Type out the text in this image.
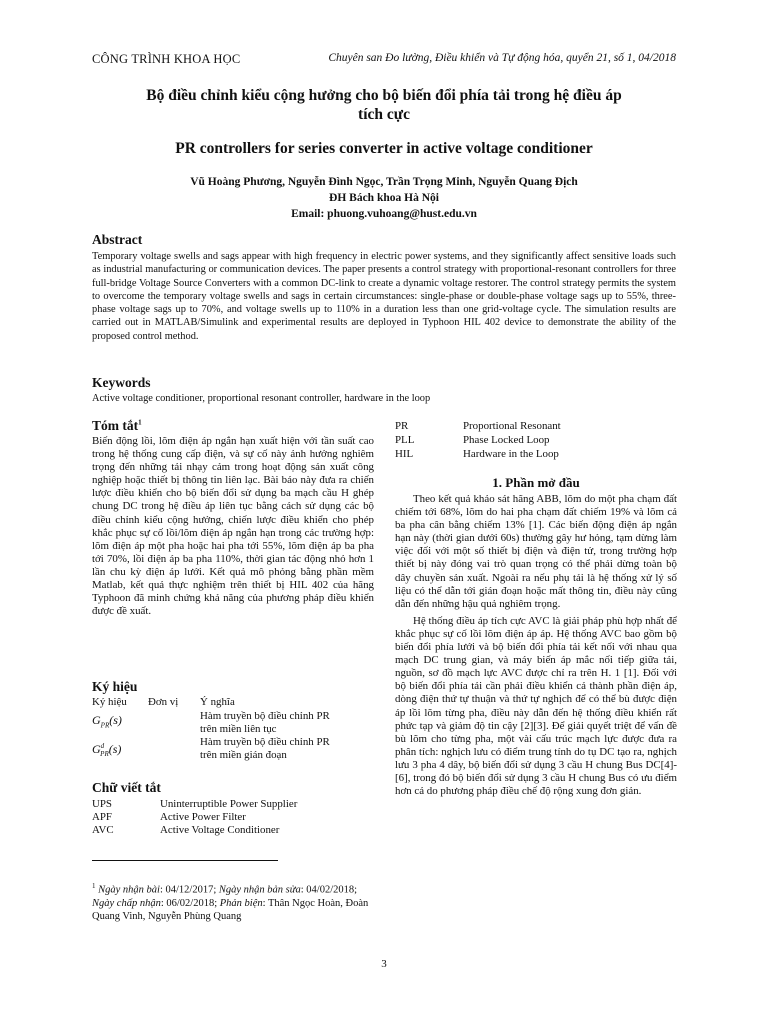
CÔNG TRÌNH KHOA HỌC	Chuyên san Đo lường, Điều khiển và Tự động hóa, quyển 21, số 1, 04/2018
Bộ điều chỉnh kiểu cộng hưởng cho bộ biến đổi phía tải trong hệ điều áp
tích cực
PR controllers for series converter in active voltage conditioner
Vũ Hoàng Phương, Nguyễn Đình Ngọc, Trần Trọng Minh, Nguyễn Quang Địch
ĐH Bách khoa Hà Nội
Email: phuong.vuhoang@hust.edu.vn
Abstract
Temporary voltage swells and sags appear with high frequency in electric power systems, and they significantly affect sensitive loads such as industrial manufacturing or communication devices. The paper presents a control strategy with proportional-resonant controllers for three full-bridge Voltage Source Converters with a common DC-link to create a dynamic voltage restorer. The control strategy permits the system to overcome the temporary voltage swells and sags in certain circumstances: single-phase or double-phase voltage sags up to 55%, three-phase voltage sags up to 70%, and voltage swells up to 110% in a duration less than one grid-voltage cycle. The simulation results are carried out in MATLAB/Simulink and experimental results are deployed in Typhoon HIL 402 device to demonstrate the ability of the proposed control method.
Keywords
Active voltage conditioner, proportional resonant controller, hardware in the loop
Tóm tắt$^1$
Biến động lồi, lõm điện áp ngắn hạn xuất hiện với tần suất cao trong hệ thống cung cấp điện, và sự cố này ảnh hưởng nghiêm trọng đến những tải nhạy cảm trong hoạt động sản xuất công nghiệp hoặc thiết bị thông tin liên lạc. Bài báo này đưa ra chiến lược điều khiển cho bộ biến đổi sử dụng ba mạch cầu H ghép chung DC trong hệ điều áp liên tục bằng cách sử dụng các bộ điều chỉnh kiểu cộng hưởng, chiến lược điều khiển cho phép khắc phục sự cố lồi/lõm điện áp ngắn hạn trong các trường hợp: lõm điện áp một pha hoặc hai pha tới 55%, lõm điện áp ba pha tới 70%, lồi điện áp ba pha 110%, thời gian tác động nhỏ hơn 1 lần chu kỳ điện áp lưới. Kết quả mô phỏng bằng phần mềm Matlab, kết quả thực nghiệm trên thiết bị HIL 402 của hãng Typhoon đã minh chứng khả năng của phương pháp điều khiển được đề xuất.
Ký hiệu
Ký hiệu Đơn vị Ý nghĩa
$G_{PR}(s)$	Hàm truyền bộ điều chỉnh PR
trên miền liên tục
$G^d_{PR}(s)$	Hàm truyền bộ điều chỉnh PR
trên miền gián đoạn
Chữ viết tắt
UPS	Uninterruptible Power Supplier
APF	Active Power Filter
AVC	Active Voltage Conditioner
$^1$ Ngày nhận bài: 04/12/2017; Ngày nhận bản sửa: 04/02/2018; Ngày chấp nhận: 06/02/2018; Phản biện: Thân Ngọc Hoàn, Đoàn Quang Vinh, Nguyễn Phùng Quang
PR	Proportional Resonant
PLL	Phase Locked Loop
HIL	Hardware in the Loop
1. Phần mở đầu

Theo kết quả khảo sát hãng ABB, lõm do một pha chạm đất chiếm tới 68%, lõm do hai pha chạm đất chiếm 19% và lõm cả ba pha cân bằng chiếm 13% [1]. Các biến động điện áp ngắn hạn này (thời gian dưới 60s) thường gây hư hỏng, tạm dừng làm việc đối với một số thiết bị điện và điện tử, trong trường hợp thiết bị này đóng vai trò quan trọng có thể phải dừng toàn bộ dây chuyền sản xuất. Ngoài ra nếu phụ tải là hệ thống xử lý số liệu có thể dẫn tới gián đoạn hoặc mất thông tin, điều này cũng dẫn đến những hậu quả nghiêm trọng.

Hệ thống điều áp tích cực AVC là giải pháp phù hợp nhất để khắc phục sự cố lồi lõm điện áp áp. Hệ thống AVC bao gồm bộ biến đổi phía lưới và bộ biến đổi phía tải kết nối với nhau qua mạch DC trung gian, và máy biến áp mắc nối tiếp giữa tải, nguồn, sơ đồ mạch lực AVC được chỉ ra trên H. 1 [1]. Đối với bộ biến đổi phía tải cần phải điều khiển cả thành phần điện áp, dòng điện thứ tự thuận và thứ tự nghịch để có thể bù được điện áp lồi lõm từng pha, điều này dẫn đến hệ thống điều khiển rất phức tạp và giảm độ tin cậy [2][3]. Để giải quyết triệt để vấn đề bù lõm cho từng pha, một vài cấu trúc mạch lực được đưa ra phân tích: nghịch lưu có điểm trung tính do tụ DC tạo ra, nghịch lưu 3 pha 4 dây, bộ biến đổi sử dụng 3 cầu H chung Bus DC[4]-[6], trong đó bộ biến đổi sử dụng 3 cầu H chung Bus có ưu điểm hơn cả do phương pháp điều chế độ rộng xung đơn giản.

3
